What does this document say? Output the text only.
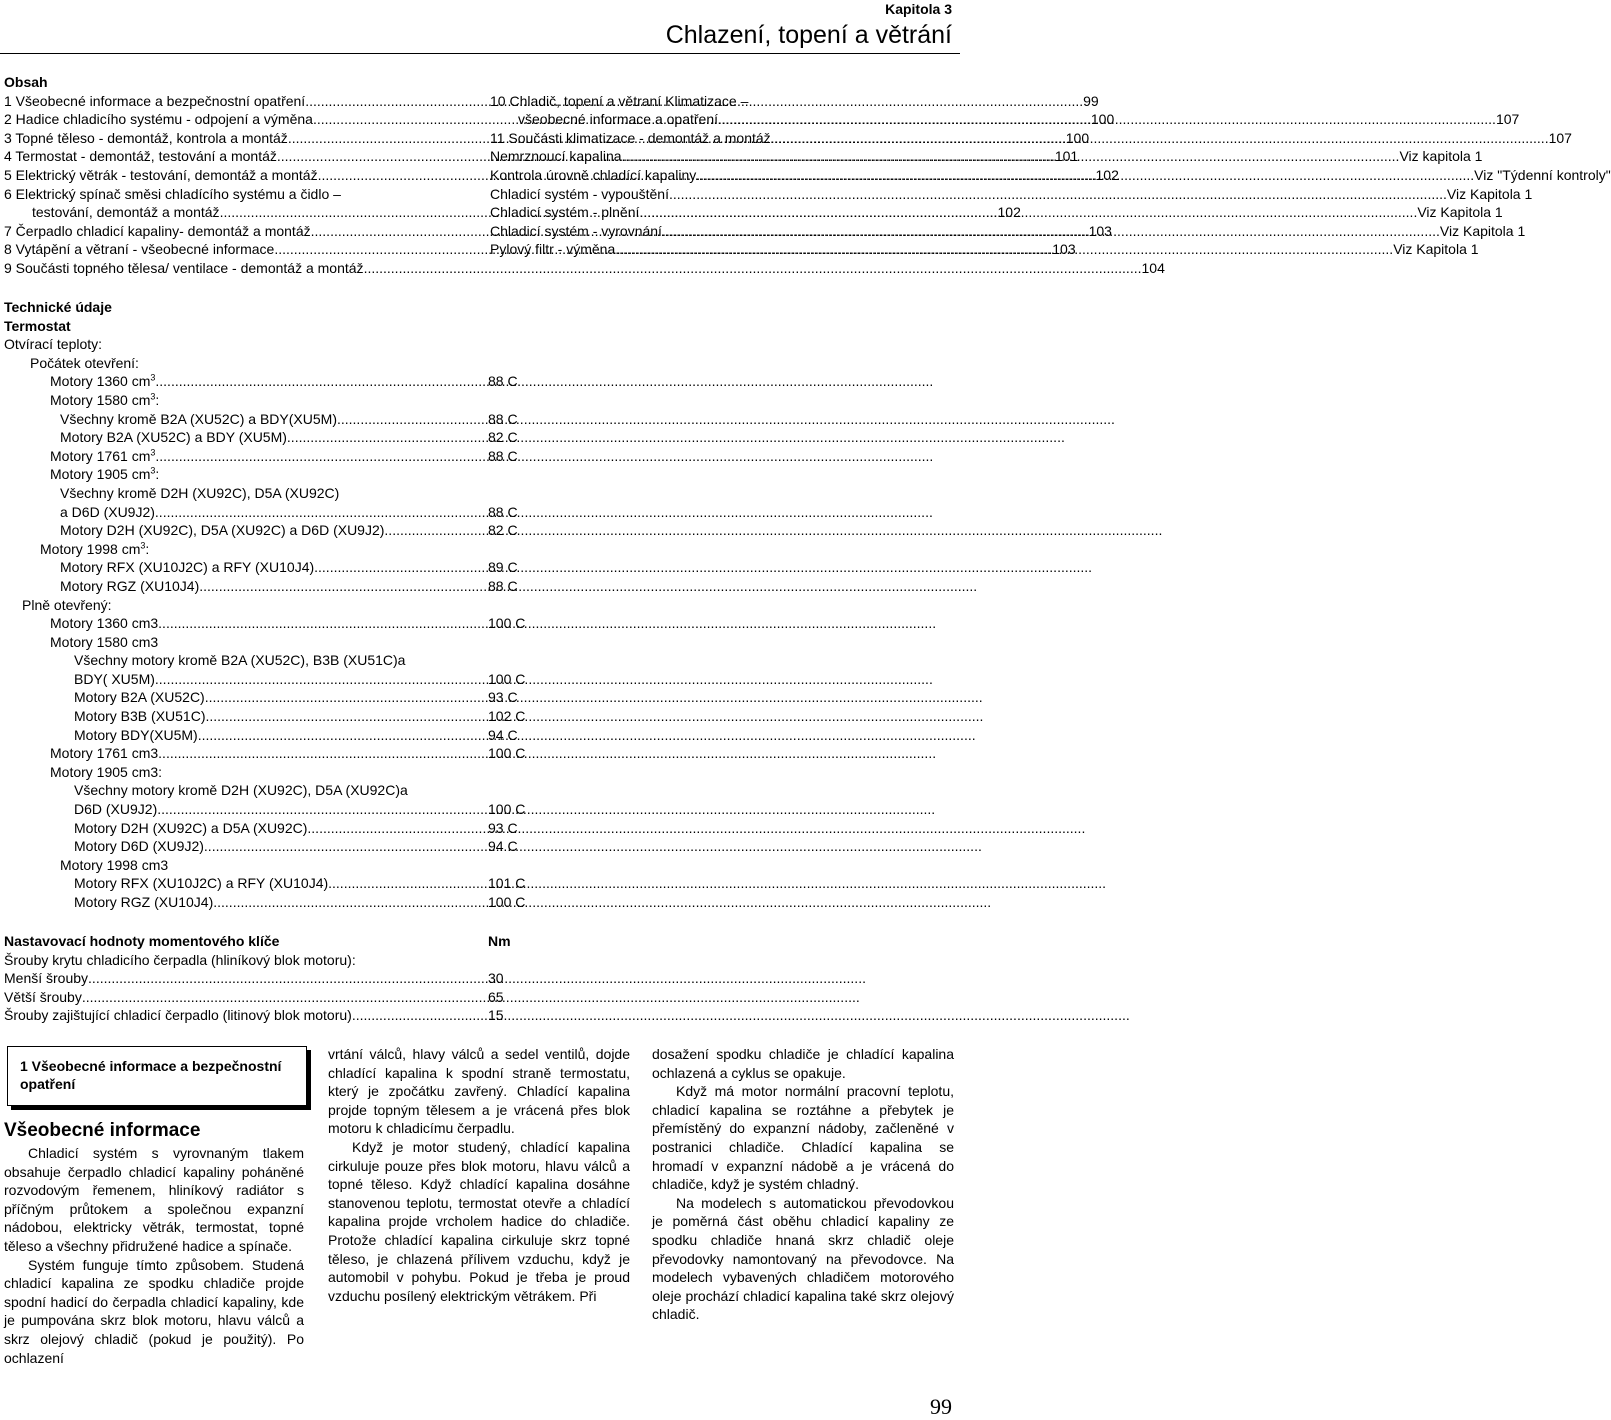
Kapitola 3
Chlazení, topení a větrání
Obsah
1 Všeobecné informace a bezpečnostní opatření .....	99
2 Hadice chladicího systému - odpojení a výměna .....	100
3 Topné těleso - demontáž, kontrola a montáž .....	100
4 Termostat - demontáž, testování a montáž .....	101
5 Elektrický větrák - testování, demontáž a montáž .....	102
6 Elektrický spínač směsi chladícího systému a čidlo –
testování, demontáž a montáž .....	102
7 Čerpadlo chladicí kapaliny- demontáž a montáž .....	103
8 Vytápění a větraní - všeobecné informace .....	103
9 Součásti topného tělesa/ ventilace - demontáž a montáž .....	104
10 Chladič, topení a větraní Klimatizace –
všeobecné informace a opatření .....	107
11 Součásti klimatizace - demontáž a montáž .....	107
Nemrznoucí kapalina .....	Viz kapitola 1
Kontrola úrovně chladící kapaliny .....	Viz "Týdenní kontroly"
Chladicí systém - vypouštění .....	Viz Kapitola 1
Chladicí systém - plnění .....	Viz Kapitola 1
Chladicí systém - vyrovnání .....	Viz Kapitola 1
Pylový filtr - výměna .....	Viz Kapitola 1
Technické údaje
Termostat
Otvírací teploty:
Počátek otevření:
Motory 1360 $cm^3$ .....	88 C
Motory 1580 $cm^3$:
Všechny kromě B2A (XU52C) a BDY(XU5M) .....	88 C
Motory B2A (XU52C) a BDY (XU5M) .....	82 C
Motory 1761 $cm^3$ .....	88 C
Motory 1905 $cm^3$:
Všechny kromě D2H (XU92C), D5A (XU92C)
a D6D (XU9J2) .....	88 C
Motory D2H (XU92C), D5A (XU92C) a D6D (XU9J2) .....	82 C
Motory 1998 $cm^3$:
Motory RFX (XU10J2C) a RFY (XU10J4) .....	89 C
Motory RGZ (XU10J4) .....	88 C
Plně otevřený:
Motory 1360 cm3 .....	100 C
Motory 1580 cm3
Všechny motory kromě B2A (XU52C), B3B (XU51C)a
BDY( XU5M) .....	100 C
Motory B2A (XU52C) .....	93 C
Motory B3B (XU51C) .....	102 C
Motory BDY(XU5M) .....	94 C
Motory 1761 cm3 .....	100 C
Motory 1905 cm3:
Všechny motory kromě D2H (XU92C), D5A (XU92C)a
D6D (XU9J2) .....	100 C
Motory D2H (XU92C) a D5A (XU92C) .....	93 C
Motory D6D (XU9J2) .....	94 C
Motory 1998 cm3
Motory RFX (XU10J2C) a RFY (XU10J4) .....	101 C
Motory RGZ (XU10J4) .....	100 C
Nastavovací hodnoty momentového klíče	Nm
Šrouby krytu chladicího čerpadla (hliníkový blok motoru):
Menší šrouby .....	30
Větší šrouby .....	65
Šrouby zajištující chladicí čerpadlo (litinový blok motoru) .....	15
1 Všeobecné informace a bezpečnostní opatření
Všeobecné informace

Chladicí systém s vyrovnaným tlakem obsahuje čerpadlo chladicí kapaliny poháněné rozvodovým řemenem, hliníkový radiátor s příčným průtokem a společnou expanzní nádobou, elektricky větrák, termostat, topné těleso a všechny přidružené hadice a spínače.

Systém funguje tímto způsobem. Studená chladicí kapalina ze spodku chladiče projde spodní hadicí do čerpadla chladicí kapaliny, kde je pumpována skrz blok motoru, hlavu válců a skrz olejový chladič (pokud je použitý). Po ochlazení

vrtání válců, hlavy válců a sedel ventilů, dojde chladící kapalina k spodní straně termostatu, který je zpočátku zavřený. Chladící kapalina projde topným tělesem a je vrácená přes blok motoru k chladicímu čerpadlu.

Když je motor studený, chladící kapalina cirkuluje pouze přes blok motoru, hlavu válců a topné těleso. Když chladící kapalina dosáhne stanovenou teplotu, termostat otevře a chladící kapalina projde vrcholem hadice do chladiče. Protože chladící kapalina cirkuluje skrz topné těleso, je chlazená přílivem vzduchu, když je automobil v pohybu. Pokud je třeba je proud vzduchu posílený elektrickým větrákem. Při

dosažení spodku chladiče je chladící kapalina ochlazená a cyklus se opakuje.

Když má motor normální pracovní teplotu, chladicí kapalina se roztáhne a přebytek je přemístěný do expanzní nádoby, začleněné v postranici chladiče. Chladící kapalina se hromadí v expanzní nádobě a je vrácená do chladiče, když je systém chladný.

Na modelech s automatickou převodovkou je poměrná část oběhu chladicí kapaliny ze spodku chladiče hnaná skrz chladič oleje převodovky namontovaný na převodovce. Na modelech vybavených chladičem motorového oleje prochází chladicí kapalina také skrz olejový chladič.

99
